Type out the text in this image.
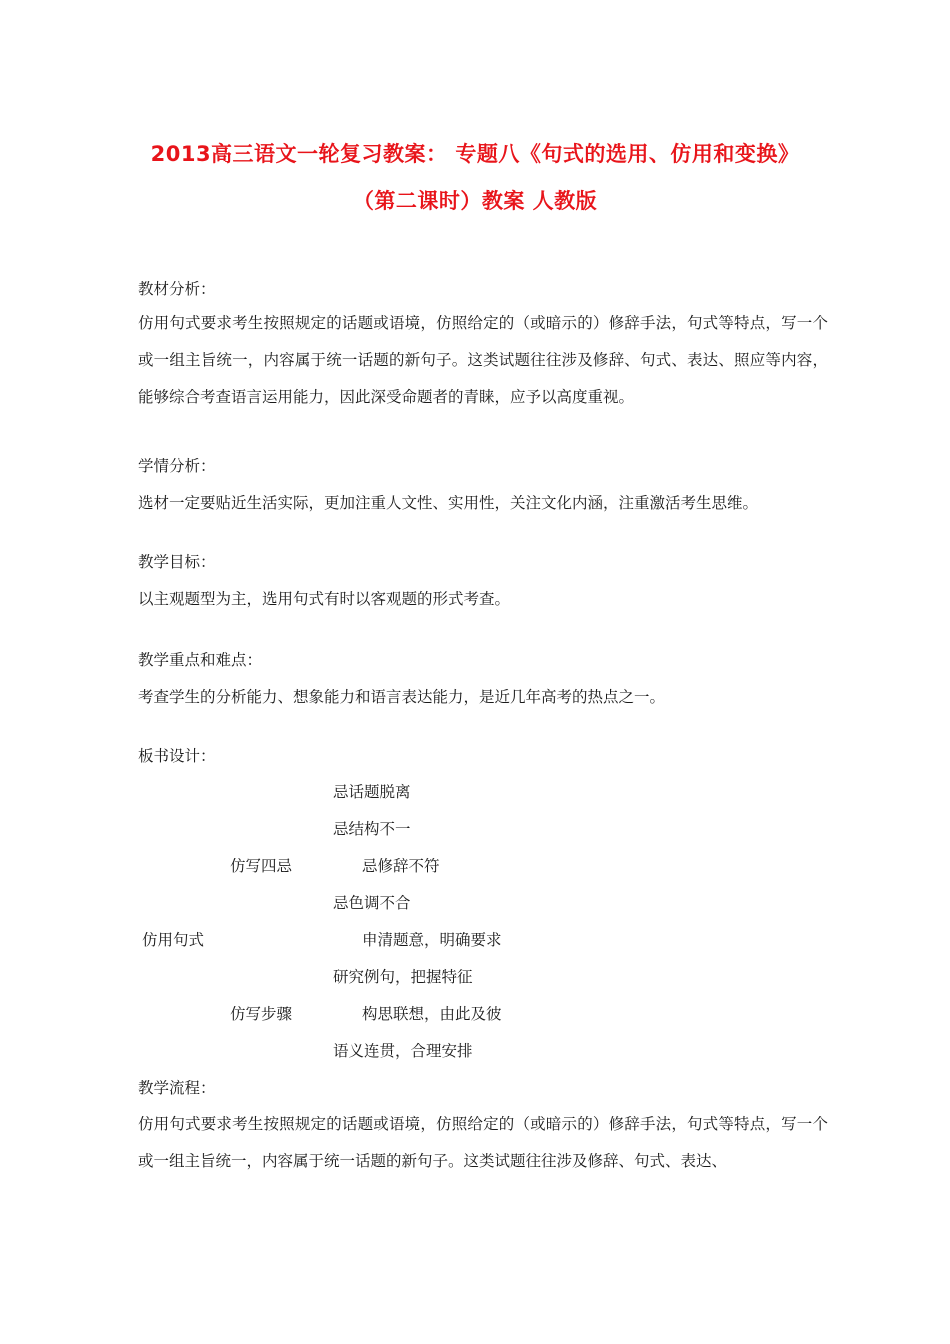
2013高三语文一轮复习教案： 专题八《句式的选用、仿用和变换》
（第二课时）教案 人教版
教材分析：
仿用句式要求考生按照规定的话题或语境，仿照给定的（或暗示的）修辞手法，句式等特点，写一个或一组主旨统一，内容属于统一话题的新句子。这类试题往往涉及修辞、句式、表达、照应等内容，能够综合考查语言运用能力，因此深受命题者的青睐，应予以高度重视。
学情分析：
选材一定要贴近生活实际，更加注重人文性、实用性，关注文化内涵，注重激活考生思维。
教学目标：
以主观题型为主，选用句式有时以客观题的形式考查。
教学重点和难点：
考查学生的分析能力、想象能力和语言表达能力，是近几年高考的热点之一。
板书设计：
忌话题脱离
忌结构不一
仿写四忌	忌修辞不符
忌色调不合
仿用句式	申清题意，明确要求
研究例句，把握特征
仿写步骤	构思联想，由此及彼
语义连贯，合理安排
教学流程：
仿用句式要求考生按照规定的话题或语境，仿照给定的（或暗示的）修辞手法，句式等特点，写一个或一组主旨统一，内容属于统一话题的新句子。这类试题往往涉及修辞、句式、表达、
